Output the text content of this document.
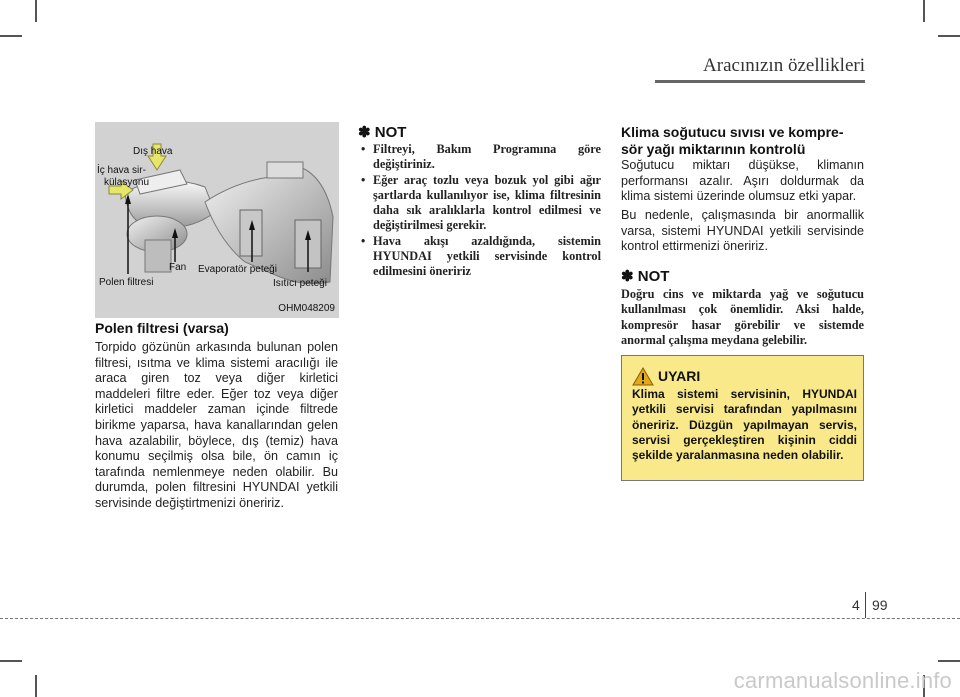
Aracınızın özellikleri
Dış hava
İç hava sir-
külasyonu
Fan Evaporatör peteği
Polen filtresi	Isıtıcı peteği
OHM048209
Polen filtresi (varsa)
Torpido gözünün arkasında bulunan polen filtresi, ısıtma ve klima sistemi aracılığı ile araca giren toz veya diğer kirletici maddeleri filtre eder. Eğer toz veya diğer kirletici maddeler zaman içinde filtrede birikme yaparsa, hava kanallarından gelen hava azalabilir, böylece, dış (temiz) hava konumu seçilmiş olsa bile, ön camın iç tarafında nemlenmeye neden olabilir. Bu durumda, polen filtresini HYUNDAI yetkili servisinde değiştirtmenizi öneririz.
✽ NOT
• Filtreyi, Bakım Programına göre değiştiriniz.
• Eğer araç tozlu veya bozuk yol gibi ağır şartlarda kullanılıyor ise, klima filtresinin daha sık aralıklarla kontrol edilmesi ve değiştirilmesi gerekir.
• Hava akışı azaldığında, sistemin HYUNDAI yetkili servisinde kontrol edilmesini öneririz
Klima soğutucu sıvısı ve kompre-
sör yağı miktarının kontrolü
Soğutucu miktarı düşükse, klimanın performansı azalır. Aşırı doldurmak da klima sistemi üzerinde olumsuz etki yapar.
Bu nedenle, çalışmasında bir anormallik varsa, sistemi HYUNDAI yetkili servisinde kontrol ettirmenizi öneririz.
✽ NOT
Doğru cins ve miktarda yağ ve soğutucu kullanılması çok önemlidir. Aksi halde, kompresör hasar görebilir ve sistemde anormal çalışma meydana gelebilir.
UYARI
Klima sistemi servisinin, HYUNDAI yetkili servisi tarafından yapılmasını öneririz. Düzgün yapılmayan servis, servisi gerçekleştiren kişinin ciddi şekilde yaralanmasına neden olabilir.
4 99
carmanualsonline.info
